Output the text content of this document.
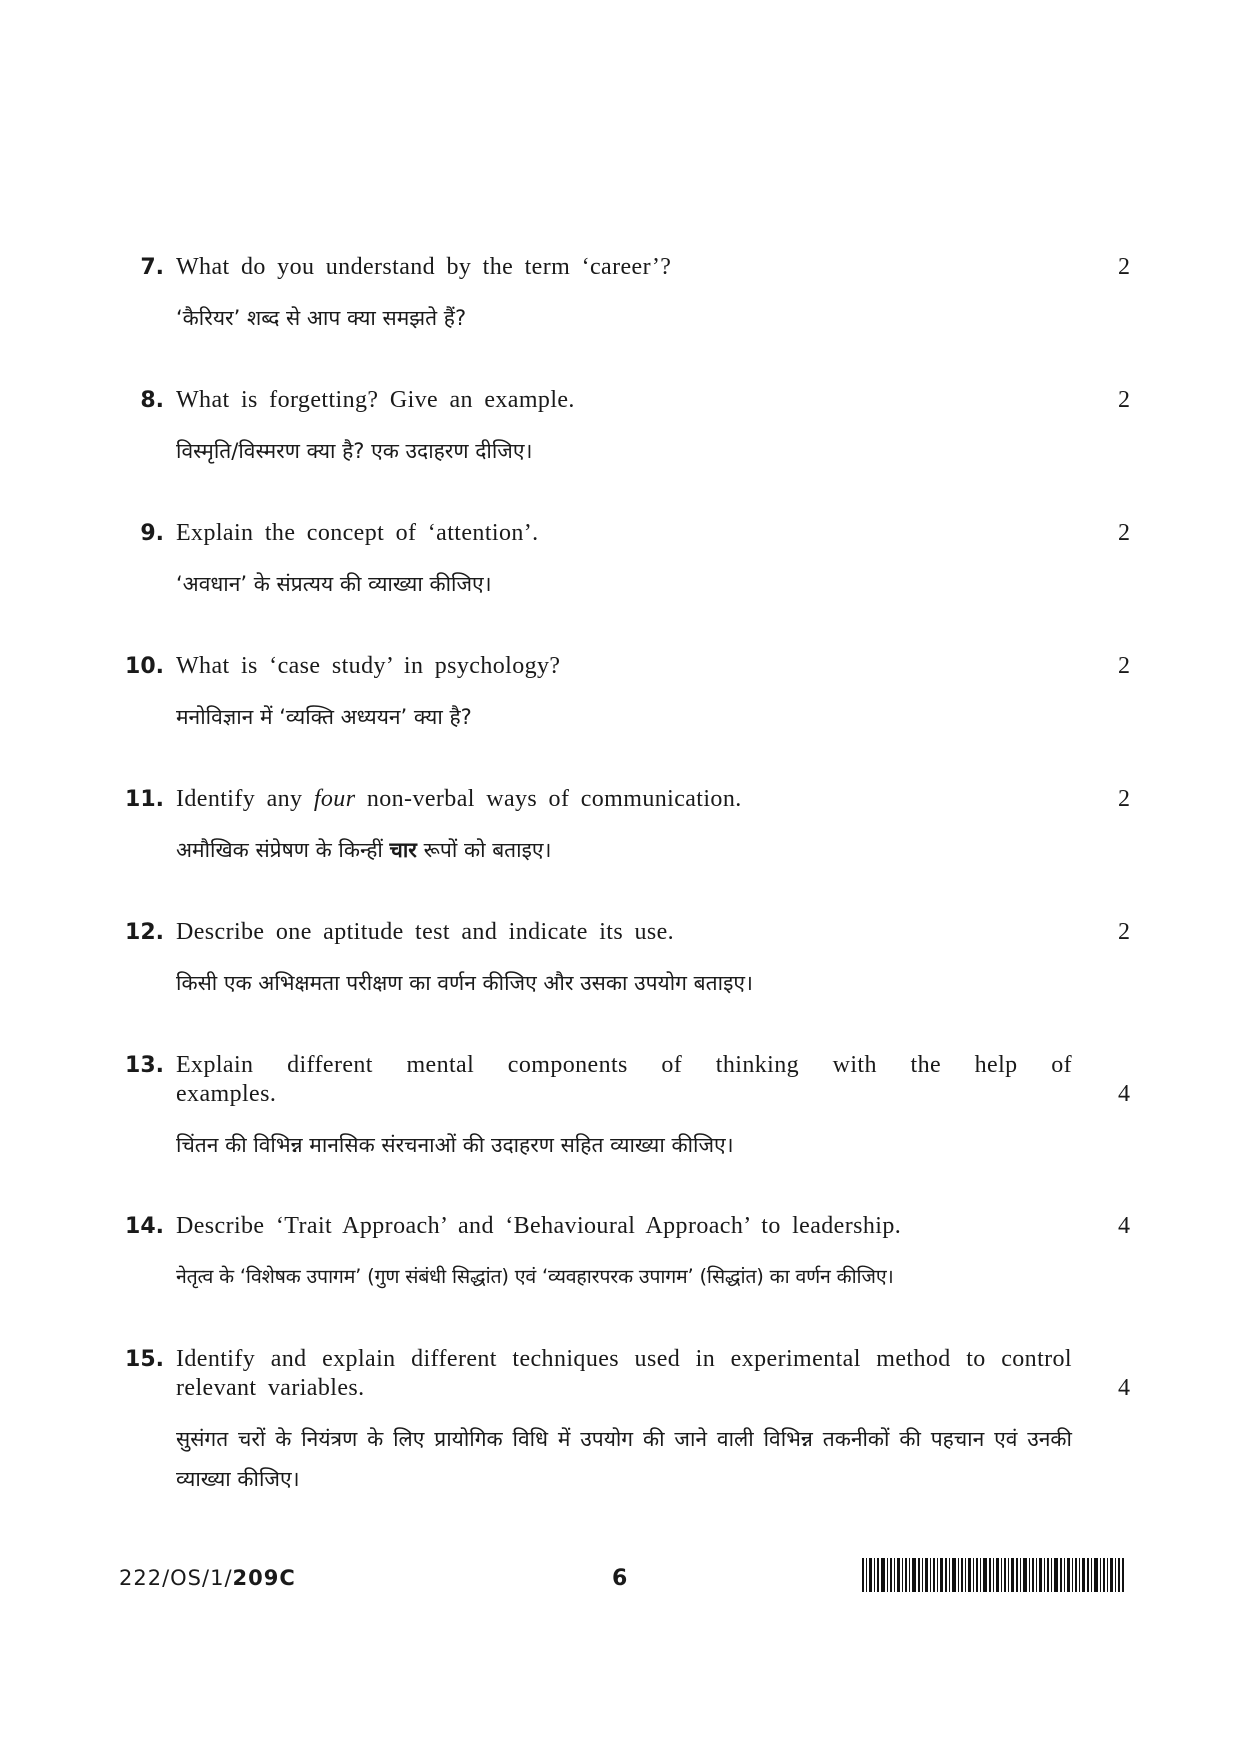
7. What do you understand by the term ‘career’?
‘कैरियर’ शब्द से आप क्या समझते हैं?
2
8. What is forgetting? Give an example.
विस्मृति/विस्मरण क्या है? एक उदाहरण दीजिए।
2
9. Explain the concept of ‘attention’.
‘अवधान’ के संप्रत्यय की व्याख्या कीजिए।
2
10. What is ‘case study’ in psychology?
मनोविज्ञान में ‘व्यक्ति अध्ययन’ क्या है?
2
11. Identify any four non-verbal ways of communication.
अमौखिक संप्रेषण के किन्हीं चार रूपों को बताइए।
2
12. Describe one aptitude test and indicate its use.
किसी एक अभिक्षमता परीक्षण का वर्णन कीजिए और उसका उपयोग बताइए।
2
13. Explain different mental components of thinking with the help of examples.
चिंतन की विभिन्न मानसिक संरचनाओं की उदाहरण सहित व्याख्या कीजिए।
4
14. Describe ‘Trait Approach’ and ‘Behavioural Approach’ to leadership.
नेतृत्व के ‘विशेषक उपागम’ (गुण संबंधी सिद्धांत) एवं ‘व्यवहारपरक उपागम’ (सिद्धांत) का वर्णन कीजिए।
4
15. Identify and explain different techniques used in experimental method to control relevant variables.
सुसंगत चरों के नियंत्रण के लिए प्रायोगिक विधि में उपयोग की जाने वाली विभिन्न तकनीकों की पहचान एवं उनकी व्याख्या कीजिए।
4
222/OS/1/209C	6
